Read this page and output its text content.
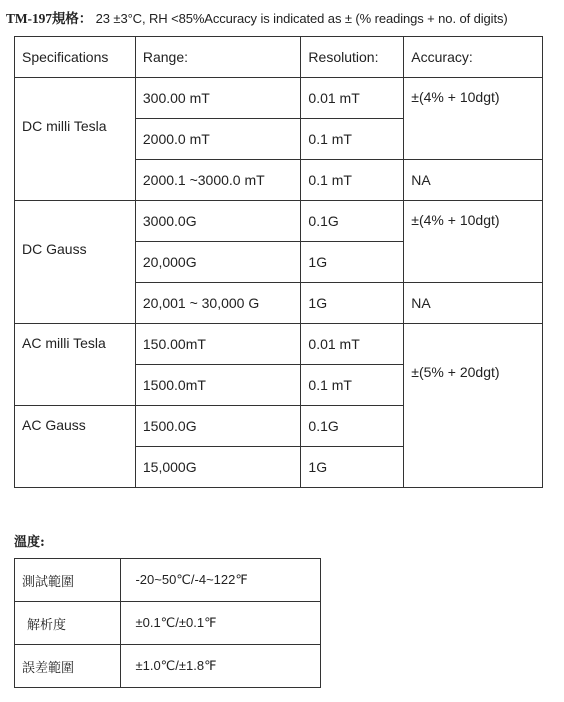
TM-197規格： 23 ±3°C, RH <85%Accuracy is indicated as ± (% readings + no. of digits)
Specifications	Range:	Resolution:	Accuracy:
DC milli Tesla	300.00 mT	0.01 mT	±(4% + 10dgt)
	2000.0 mT	0.1 mT	
	2000.1 ~3000.0 mT	0.1 mT	NA
DC Gauss	3000.0G	0.1G	±(4% + 10dgt)
	20,000G	1G	
	20,001 ~ 30,000 G	1G	NA
AC milli Tesla	150.00mT	0.01 mT	±(5% + 20dgt)
	1500.0mT	0.1 mT	
AC Gauss	1500.0G	0.1G	
	15,000G	1G	
溫度:
測試範圍	-20~50℃/-4~122℉
解析度	±0.1℃/±0.1℉
誤差範圍	±1.0℃/±1.8℉
